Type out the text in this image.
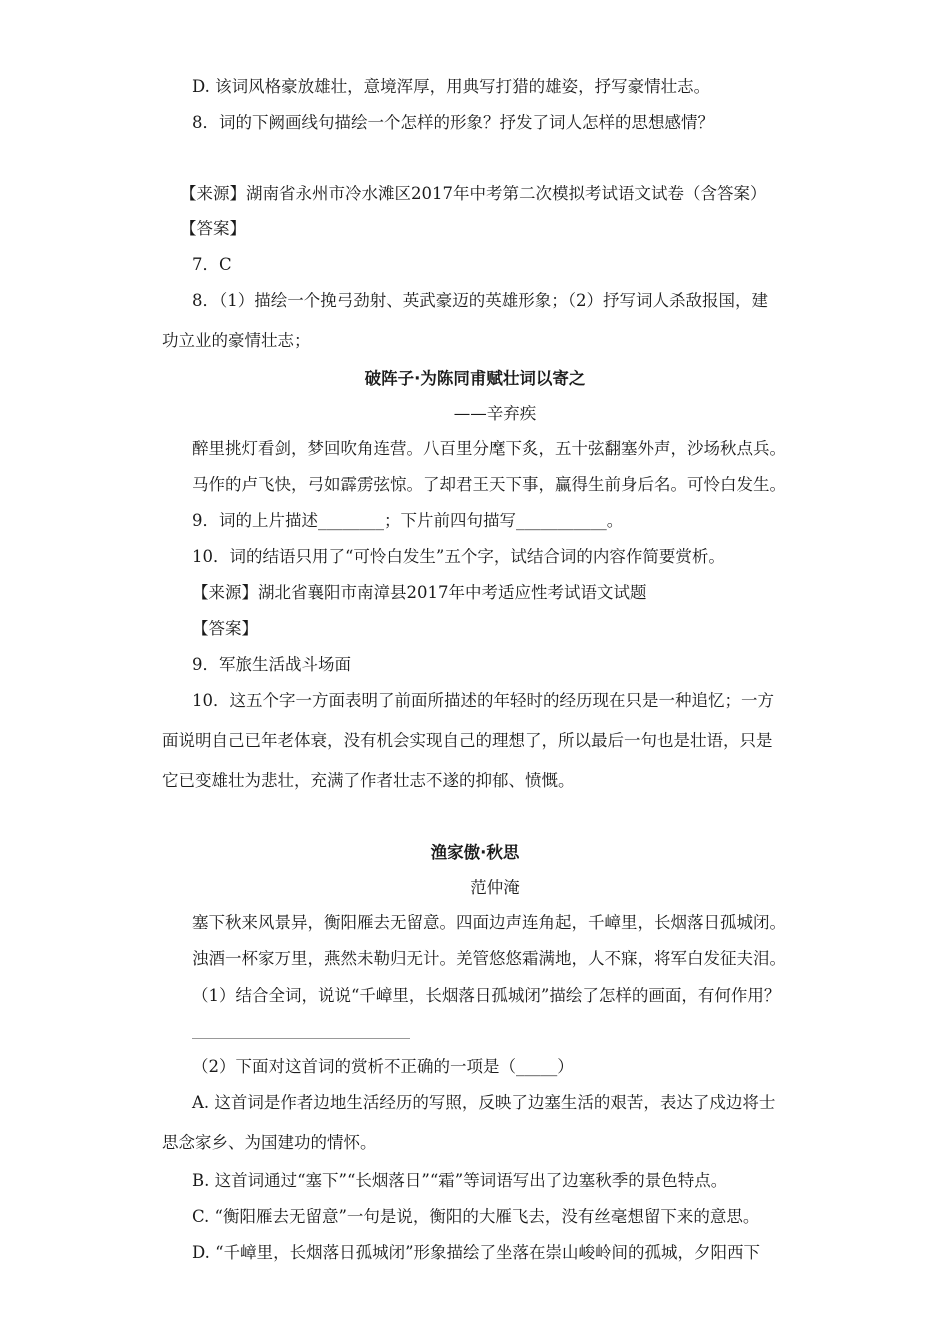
D. 该词风格豪放雄壮，意境浑厚，用典写打猎的雄姿，抒写豪情壮志。
8．词的下阙画线句描绘一个怎样的形象？抒发了词人怎样的思想感情？
【来源】湖南省永州市冷水滩区2017年中考第二次模拟考试语文试卷（含答案）
【答案】
7．C
8．（1）描绘一个挽弓劲射、英武豪迈的英雄形象；（2）抒写词人杀敌报国，建
功立业的豪情壮志；
破阵子·为陈同甫赋壮词以寄之
——辛弃疾
醉里挑灯看剑，梦回吹角连营。八百里分麾下炙，五十弦翻塞外声，沙场秋点兵。
马作的卢飞快，弓如霹雳弦惊。了却君王天下事，赢得生前身后名。可怜白发生。
9．词的上片描述________；下片前四句描写___________。
10．词的结语只用了“可怜白发生”五个字，试结合词的内容作简要赏析。
【来源】湖北省襄阳市南漳县2017年中考适应性考试语文试题
【答案】
9．军旅生活战斗场面
10．这五个字一方面表明了前面所描述的年轻时的经历现在只是一种追忆；一方
面说明自己已年老体衰，没有机会实现自己的理想了，所以最后一句也是壮语，只是
它已变雄壮为悲壮，充满了作者壮志不遂的抑郁、愤慨。
渔家傲·秋思
范仲淹
塞下秋来风景异，衡阳雁去无留意。四面边声连角起，千嶂里，长烟落日孤城闭。
浊酒一杯家万里，燕然未勒归无计。羌管悠悠霜满地，人不寐，将军白发征夫泪。
（1）结合全词，说说“千嶂里，长烟落日孤城闭”描绘了怎样的画面，有何作用？
（2）下面对这首词的赏析不正确的一项是（_____）
A. 这首词是作者边地生活经历的写照，反映了边塞生活的艰苦，表达了戍边将士
思念家乡、为国建功的情怀。
B. 这首词通过“塞下”“长烟落日”“霜”等词语写出了边塞秋季的景色特点。
C. “衡阳雁去无留意”一句是说，衡阳的大雁飞去，没有丝毫想留下来的意思。
D. “千嶂里，长烟落日孤城闭”形象描绘了坐落在崇山峻岭间的孤城，夕阳西下
